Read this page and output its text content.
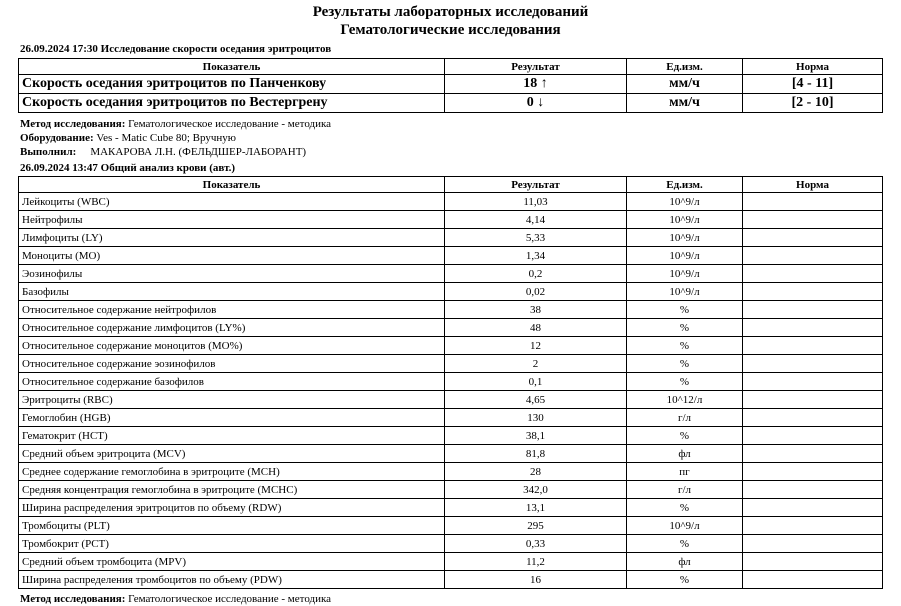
Результаты лабораторных исследований
Гематологические исследования
26.09.2024 17:30 Исследование скорости оседания эритроцитов
Показатель	Результат	Ед.изм.	Норма
Скорость оседания эритроцитов по Панченкову	18 ↑	мм/ч	[4 - 11]
Скорость оседания эритроцитов по Вестергрену	0 ↓	мм/ч	[2 - 10]
Метод исследования: Гематологическое исследование - методика
Оборудование: Ves - Matic Cube 80; Вручную
Выполнил: МАКАРОВА Л.Н. (ФЕЛЬДШЕР-ЛАБОРАНТ)
26.09.2024 13:47 Общий анализ крови (авт.)
Показатель	Результат	Ед.изм.	Норма
Лейкоциты (WBC)	11,03	10^9/л	
Нейтрофилы	4,14	10^9/л	
Лимфоциты (LY)	5,33	10^9/л	
Моноциты (MO)	1,34	10^9/л	
Эозинофилы	0,2	10^9/л	
Базофилы	0,02	10^9/л	
Относительное содержание нейтрофилов	38	%	
Относительное содержание лимфоцитов (LY%)	48	%	
Относительное содержание моноцитов (MO%)	12	%	
Относительное содержание эозинофилов	2	%	
Относительное содержание базофилов	0,1	%	
Эритроциты (RBC)	4,65	10^12/л	
Гемоглобин (HGB)	130	г/л	
Гематокрит (HCT)	38,1	%	
Средний объем эритроцита (MCV)	81,8	фл	
Среднее содержание гемоглобина в эритроците (MCH)	28	пг	
Средняя концентрация гемоглобина в эритроците (MCHC)	342,0	г/л	
Ширина распределения эритроцитов по объему (RDW)	13,1	%	
Тромбоциты (PLT)	295	10^9/л	
Тромбокрит (PCT)	0,33	%	
Средний объем тромбоцита (MPV)	11,2	фл	
Ширина распределения тромбоцитов по объему (PDW)	16	%	
Метод исследования: Гематологическое исследование - методика
